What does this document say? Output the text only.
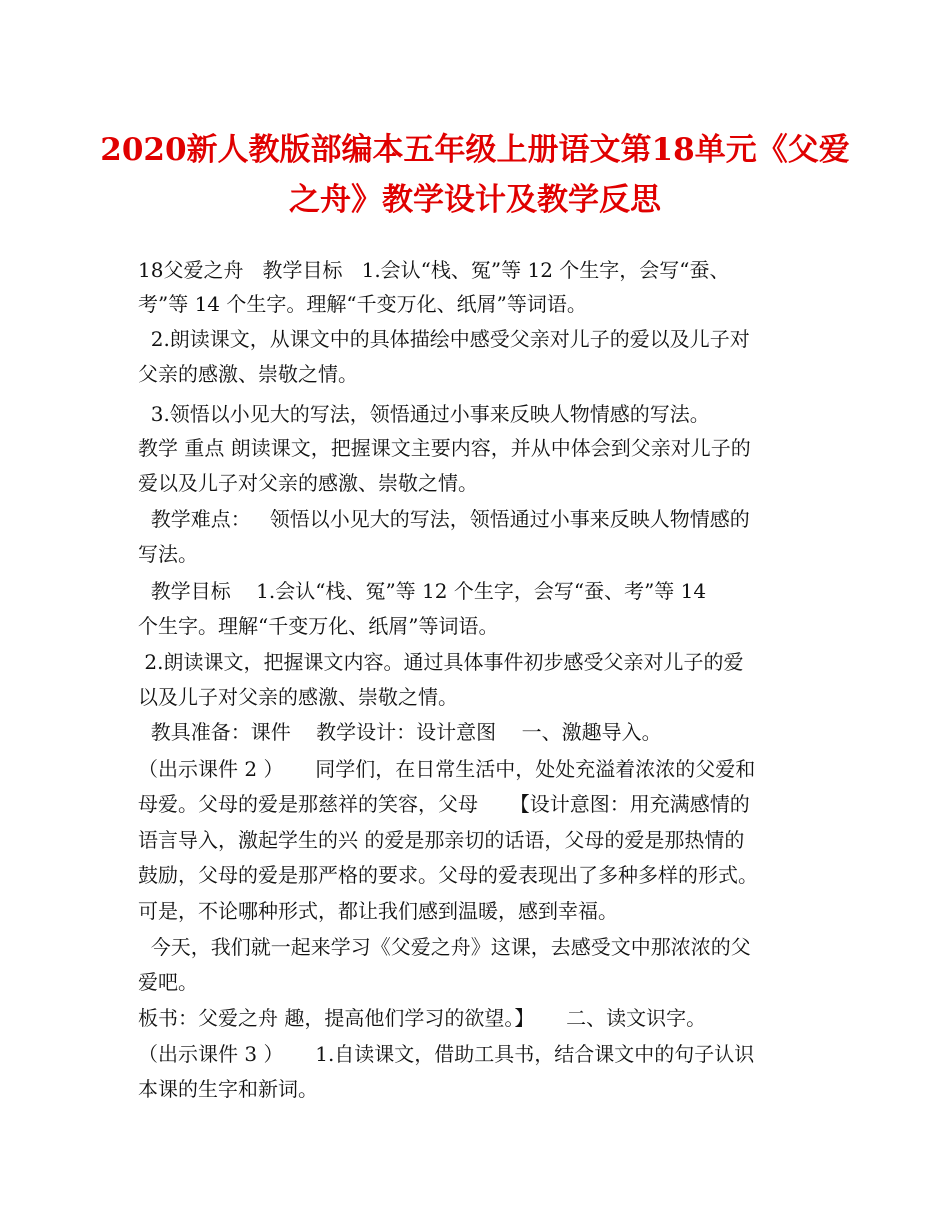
2020新人教版部编本五年级上册语文第18单元《父爱
之舟》教学设计及教学反思
18父爱之舟   教学目标   1.会认“栈、冤”等 12 个生字，会写“蚕、
考”等 14 个生字。理解“千变万化、纸屑”等词语。
2.朗读课文，从课文中的具体描绘中感受父亲对儿子的爱以及儿子对
父亲的感激、崇敬之情。
3.领悟以小见大的写法，领悟通过小事来反映人物情感的写法。
教学 重点 朗读课文，把握课文主要内容，并从中体会到父亲对儿子的
爱以及儿子对父亲的感激、崇敬之情。
教学难点：   领悟以小见大的写法，领悟通过小事来反映人物情感的
写法。
教学目标    1.会认“栈、冤”等 12 个生字，会写“蚕、考”等 14
个生字。理解“千变万化、纸屑”等词语。
2.朗读课文，把握课文内容。通过具体事件初步感受父亲对儿子的爱
以及儿子对父亲的感激、崇敬之情。
教具准备：课件    教学设计：设计意图    一、激趣导入。
（出示课件 2 ）     同学们，在日常生活中，处处充溢着浓浓的父爱和
母爱。父母的爱是那慈祥的笑容，父母     【设计意图：用充满感情的
语言导入，激起学生的兴 的爱是那亲切的话语，父母的爱是那热情的
鼓励，父母的爱是那严格的要求。父母的爱表现出了多种多样的形式。
可是，不论哪种形式，都让我们感到温暖，感到幸福。
今天，我们就一起来学习《父爱之舟》这课，去感受文中那浓浓的父
爱吧。
板书：父爱之舟 趣，提高他们学习的欲望。】     二、读文识字。
（出示课件 3 ）     1.自读课文，借助工具书，结合课文中的句子认识
本课的生字和新词。
